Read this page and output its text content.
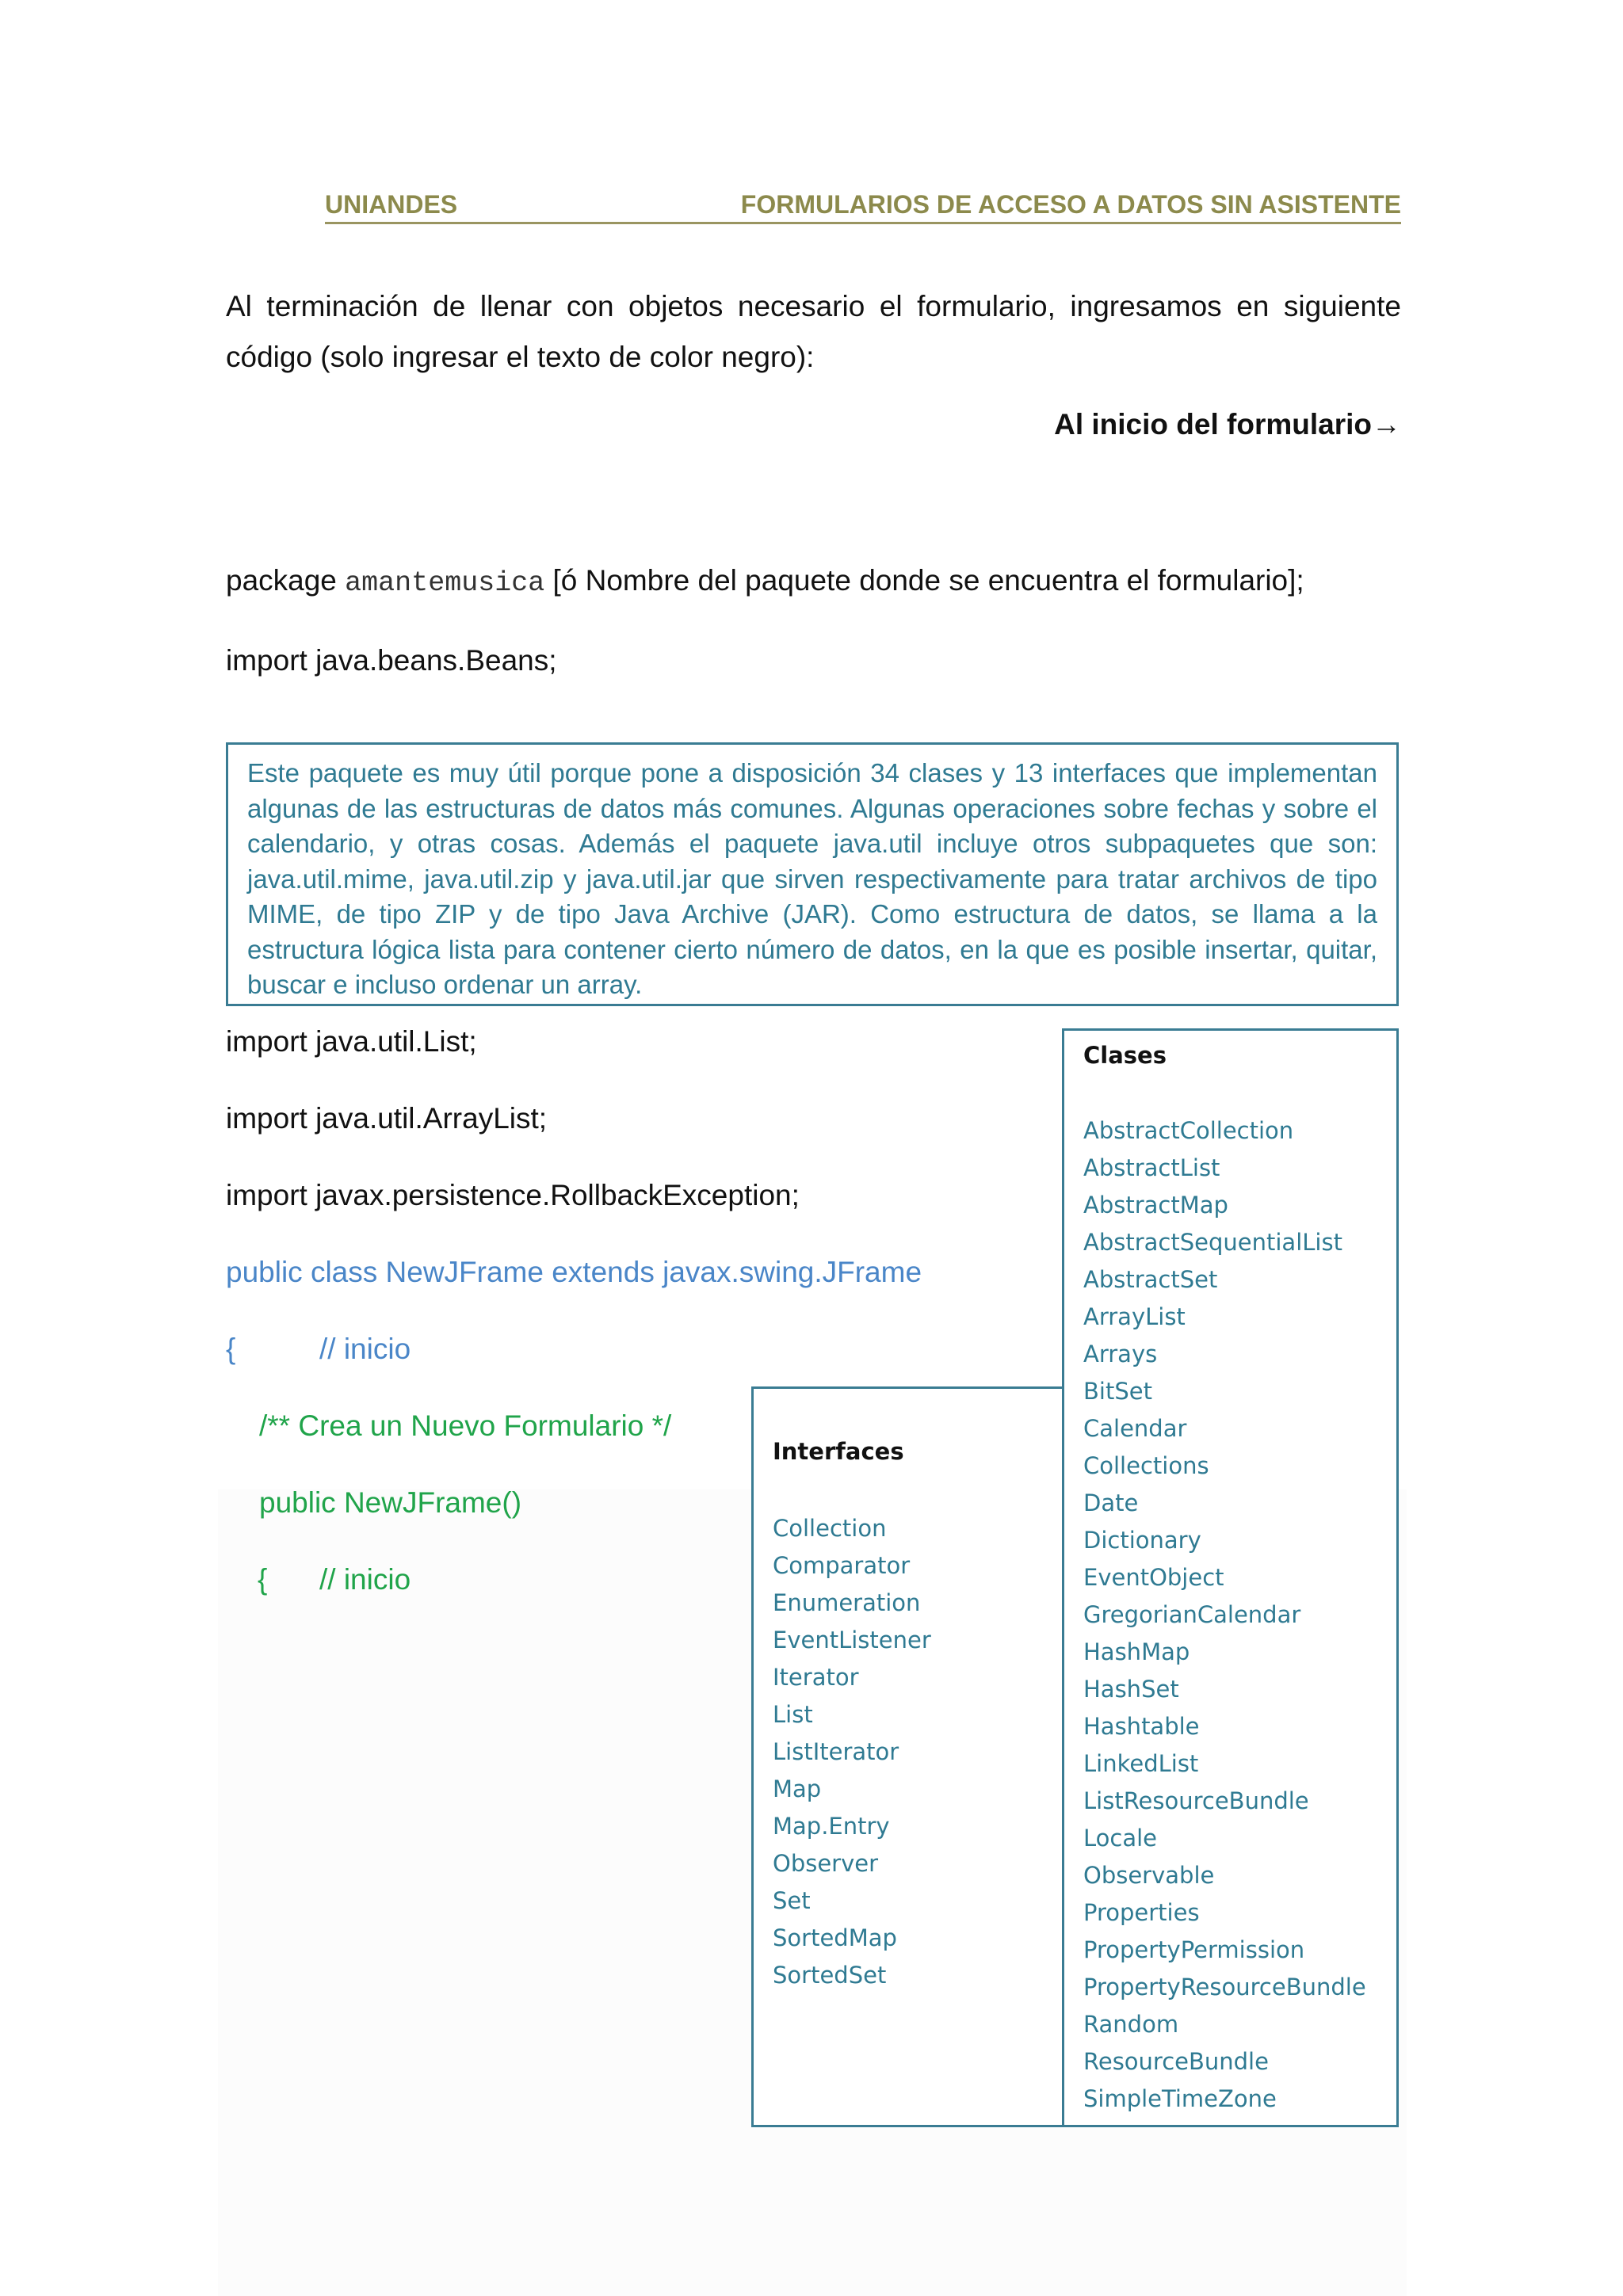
UNIANDES	FORMULARIOS DE ACCESO A DATOS SIN ASISTENTE

Al terminación de llenar con objetos necesario el formulario, ingresamos en siguiente código (solo ingresar el texto de color negro):

Al inicio del formulario→
package amantemusica [ó Nombre del paquete donde se encuentra el formulario];
import java.beans.Beans;
Este paquete es muy útil porque pone a disposición 34 clases y 13 interfaces que implementan algunas de las estructuras de datos más comunes. Algunas operaciones sobre fechas y sobre el calendario, y otras cosas. Además el paquete java.util incluye otros subpaquetes que son: java.util.mime, java.util.zip y java.util.jar que sirven respectivamente para tratar archivos de tipo MIME, de tipo ZIP y de tipo Java Archive (JAR). Como estructura de datos, se llama a la estructura lógica lista para contener cierto número de datos, en la que es posible insertar, quitar, buscar e incluso ordenar un array.
import java.util.List;
import java.util.ArrayList;
import javax.persistence.RollbackException;
public class NewJFrame extends javax.swing.JFrame
{	// inicio
/** Crea un Nuevo Formulario */
public NewJFrame()
{ // inicio
Interfaces
Collection
Comparator
Enumeration
EventListener
Iterator
List
ListIterator
Map
Map.Entry
Observer
Set
SortedMap
SortedSet
Clases
AbstractCollection
AbstractList
AbstractMap
AbstractSequentialList
AbstractSet
ArrayList
Arrays
BitSet
Calendar
Collections
Date
Dictionary
EventObject
GregorianCalendar
HashMap
HashSet
Hashtable
LinkedList
ListResourceBundle
Locale
Observable
Properties
PropertyPermission
PropertyResourceBundle
Random
ResourceBundle
SimpleTimeZone
